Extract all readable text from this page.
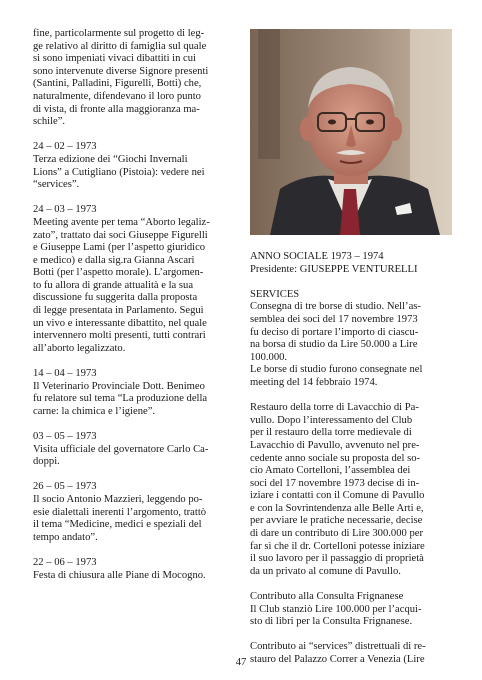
fine, particolarmente sul progetto di leg-
ge relativo al diritto di famiglia sul quale
si sono impeniati vivaci dibattiti in cui
sono intervenute diverse Signore presenti
(Santini, Palladini, Figurelli, Botti) che,
naturalmente, difendevano il loro punto
di vista, di fronte alla maggioranza ma-
schile”.

24 – 02 – 1973
Terza edizione dei “Giochi Invernali
Lions” a Cutigliano (Pistoia): vedere nei
“services”.

24 – 03 – 1973
Meeting avente per tema “Aborto legaliz-
zato”, trattato dai soci Giuseppe Figurelli
e Giuseppe Lami (per l’aspetto giuridico
e medico) e dalla sig.ra Gianna Ascari
Botti (per l’aspetto morale). L’argomen-
to fu allora di grande attualità e la sua
discussione fu suggerita dalla proposta
di legge presentata in Parlamento. Seguì
un vivo e interessante dibattito, nel quale
intervennero molti presenti, tutti contrari
all’aborto legalizzato.

14 – 04 – 1973
Il Veterinario Provinciale Dott. Benimeo
fu relatore sul tema “La produzione della
carne: la chimica e l’igiene”.

03 – 05 – 1973
Visita ufficiale del governatore Carlo Ca-
doppi.

26 – 05 – 1973
Il socio Antonio Mazzieri, leggendo po-
esie dialettali inerenti l’argomento, trattò
il tema “Medicine, medici e speziali del
tempo andato”.

22 – 06 – 1973
Festa di chiusura alle Piane di Mocogno.

ANNO SOCIALE 1973 – 1974
Presidente: GIUSEPPE VENTURELLI

SERVICES
Consegna di tre borse di studio. Nell’as-
semblea dei soci del 17 novembre 1973
fu deciso di portare l’importo di ciascu-
na borsa di studio da Lire 50.000 a Lire
100.000.
Le borse di studio furono consegnate nel
meeting del 14 febbraio 1974.

Restauro della torre di Lavacchio di Pa-
vullo. Dopo l’interessamento del Club
per il restauro della torre medievale di
Lavacchio di Pavullo, avvenuto nel pre-
cedente anno sociale su proposta del so-
cio Amato Cortelloni, l’assemblea dei
soci del 17 novembre 1973 decise di in-
iziare i contatti con il Comune di Pavullo
e con la Sovrintendenza alle Belle Arti e,
per avviare le pratiche necessarie, decise
di dare un contributo di Lire 300.000 per
far sì che il dr. Cortelloni potesse iniziare
il suo lavoro per il passaggio di proprietà
da un privato al comune di Pavullo.

Contributo alla Consulta Frignanese
Il Club stanziò Lire 100.000 per l’acqui-
sto di libri per la Consulta Frignanese.

Contributo ai “services” distrettuali di re-
stauro del Palazzo Correr a Venezia (Lire

47
